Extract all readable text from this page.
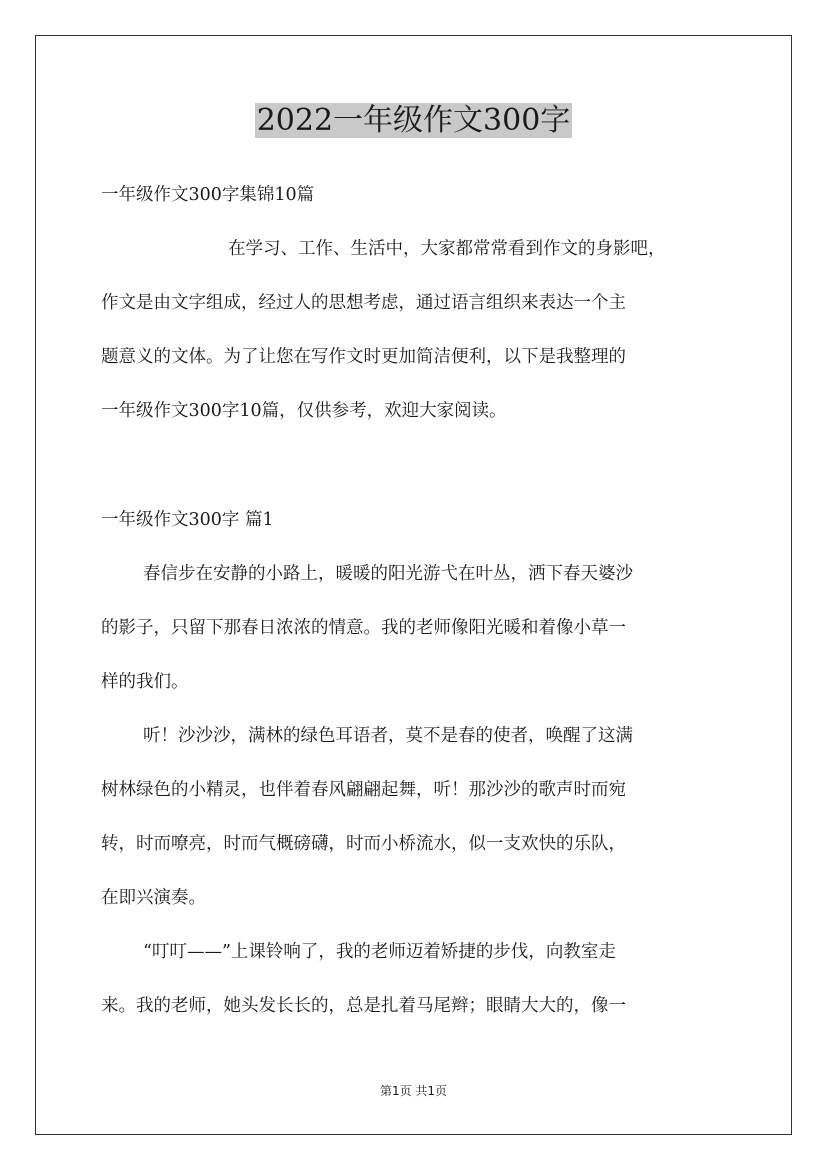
2022一年级作文300字
一年级作文300字集锦10篇
在学习、工作、生活中，大家都常常看到作文的身影吧，
作文是由文字组成，经过人的思想考虑，通过语言组织来表达一个主
题意义的文体。为了让您在写作文时更加简洁便利，以下是我整理的
一年级作文300字10篇，仅供参考，欢迎大家阅读。
一年级作文300字 篇1
春信步在安静的小路上，暖暖的阳光游弋在叶丛，洒下春天婆沙
的影子，只留下那春日浓浓的情意。我的老师像阳光暖和着像小草一
样的我们。
听！沙沙沙，满林的绿色耳语者，莫不是春的使者，唤醒了这满
树林绿色的小精灵，也伴着春风翩翩起舞，听！那沙沙的歌声时而宛
转，时而嘹亮，时而气概磅礴，时而小桥流水，似一支欢快的乐队，
在即兴演奏。
“叮叮——”上课铃响了，我的老师迈着矫捷的步伐，向教室走
来。我的老师，她头发长长的，总是扎着马尾辫；眼睛大大的，像一
第1页 共1页
